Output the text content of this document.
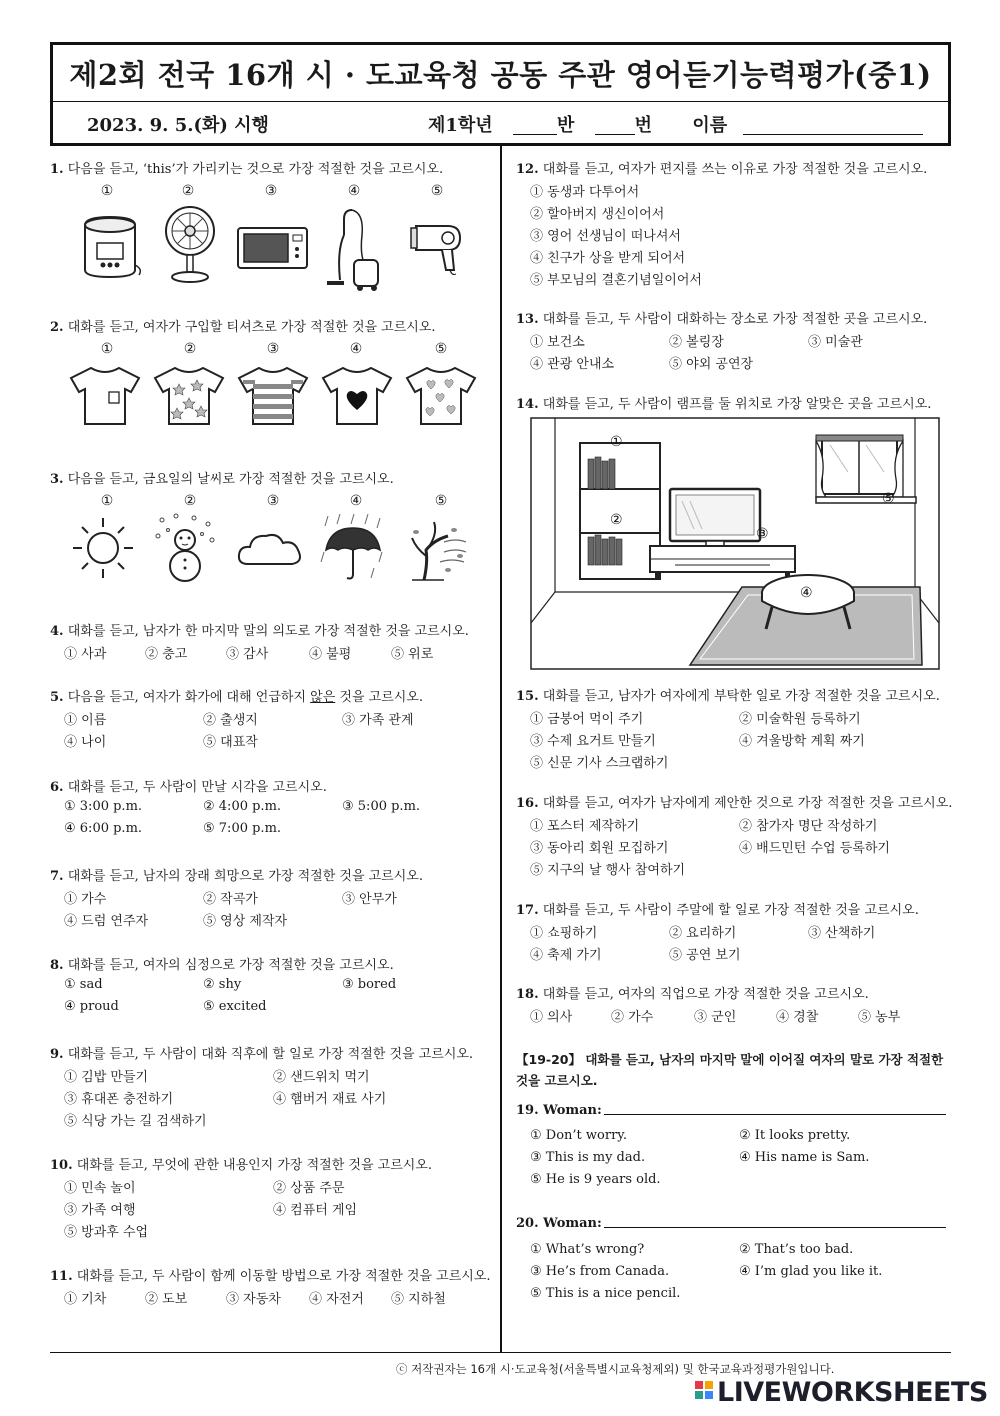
제2회 전국 16개 시 · 도교육청 공동 주관 영어듣기능력평가(중1)
2023. 9. 5.(화) 시행	제1학년	반	번 이름
1. 다음을 듣고, ‘this’가 가리키는 것으로 가장 적절한 것을 고르시오.
①	②	③	④	⑤
2. 대화를 듣고, 여자가 구입할 티셔츠로 가장 적절한 것을 고르시오.
①	②	③	④	⑤
3. 다음을 듣고, 금요일의 날씨로 가장 적절한 것을 고르시오.
①	②	③	④	⑤
4. 대화를 듣고, 남자가 한 마지막 말의 의도로 가장 적절한 것을 고르시오.
① 사과	② 충고	③ 감사	④ 불평	⑤ 위로
5. 다음을 듣고, 여자가 화가에 대해 언급하지 않은 것을 고르시오.
① 이름	② 출생지	③ 가족 관계
④ 나이	⑤ 대표작
6. 대화를 듣고, 두 사람이 만날 시각을 고르시오.
① 3:00 p.m.	② 4:00 p.m.	③ 5:00 p.m.
④ 6:00 p.m.	⑤ 7:00 p.m.
7. 대화를 듣고, 남자의 장래 희망으로 가장 적절한 것을 고르시오.
① 가수	② 작곡가	③ 안무가
④ 드럼 연주자	⑤ 영상 제작자
8. 대화를 듣고, 여자의 심정으로 가장 적절한 것을 고르시오.
① sad	② shy	③ bored
④ proud	⑤ excited
9. 대화를 듣고, 두 사람이 대화 직후에 할 일로 가장 적절한 것을 고르시오.
① 김밥 만들기	② 샌드위치 먹기
③ 휴대폰 충전하기	④ 햄버거 재료 사기
⑤ 식당 가는 길 검색하기
10. 대화를 듣고, 무엇에 관한 내용인지 가장 적절한 것을 고르시오.
① 민속 놀이	② 상품 주문
③ 가족 여행	④ 컴퓨터 게임
⑤ 방과후 수업
11. 대화를 듣고, 두 사람이 함께 이동할 방법으로 가장 적절한 것을 고르시오.
① 기차	② 도보	③ 자동차 ④ 자전거 ⑤ 지하철
12. 대화를 듣고, 여자가 편지를 쓰는 이유로 가장 적절한 것을 고르시오.
① 동생과 다투어서
② 할아버지 생신이어서
③ 영어 선생님이 떠나셔서
④ 친구가 상을 받게 되어서
⑤ 부모님의 결혼기념일이어서
13. 대화를 듣고, 두 사람이 대화하는 장소로 가장 적절한 곳을 고르시오.
① 보건소	② 볼링장	③ 미술관
④ 관광 안내소	⑤ 야외 공연장
14. 대화를 듣고, 두 사람이 램프를 둘 위치로 가장 알맞은 곳을 고르시오.
①
②
③
④
⑤
15. 대화를 듣고, 남자가 여자에게 부탁한 일로 가장 적절한 것을 고르시오.
① 금붕어 먹이 주기	② 미술학원 등록하기
③ 수제 요거트 만들기	④ 겨울방학 계획 짜기
⑤ 신문 기사 스크랩하기
16. 대화를 듣고, 여자가 남자에게 제안한 것으로 가장 적절한 것을 고르시오.
① 포스터 제작하기	② 참가자 명단 작성하기
③ 동아리 회원 모집하기	④ 배드민턴 수업 등록하기
⑤ 지구의 날 행사 참여하기
17. 대화를 듣고, 두 사람이 주말에 할 일로 가장 적절한 것을 고르시오.
① 쇼핑하기	② 요리하기	③ 산책하기
④ 축제 가기	⑤ 공연 보기
18. 대화를 듣고, 여자의 직업으로 가장 적절한 것을 고르시오.
① 의사	② 가수	③ 군인	④ 경찰	⑤ 농부
【19-20】 대화를 듣고, 남자의 마지막 말에 이어질 여자의 말로 가장 적절한 것을 고르시오.
19. Woman:
① Don’t worry.	② It looks pretty.
③ This is my dad.	④ His name is Sam.
⑤ He is 9 years old.
20. Woman:
① What’s wrong?	② That’s too bad.
③ He’s from Canada.	④ I’m glad you like it.
⑤ This is a nice pencil.
ⓒ 저작권자는 16개 시·도교육청(서울특별시교육청제외) 및 한국교육과정평가원입니다.
LIVEWORKSHEETS
